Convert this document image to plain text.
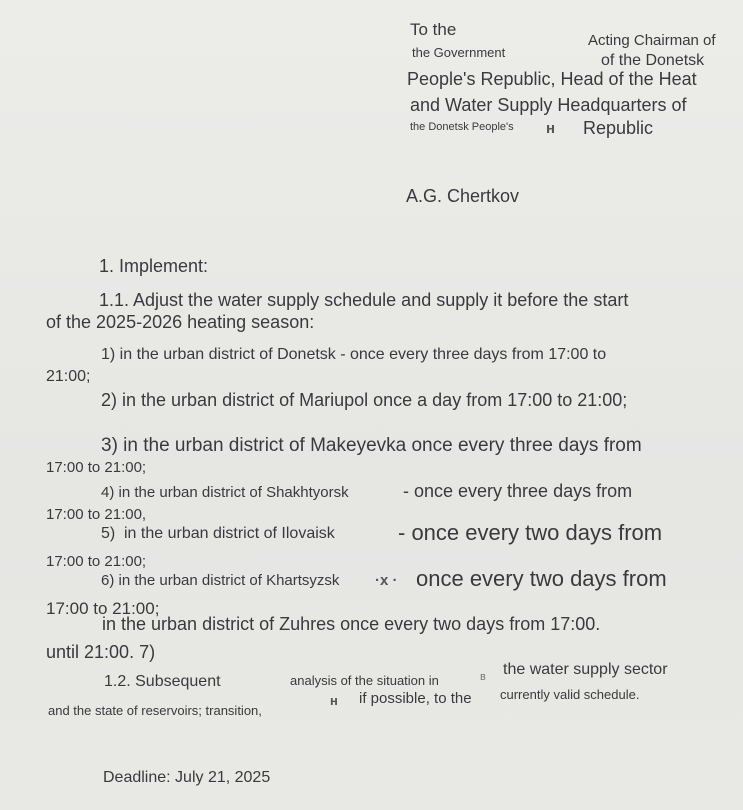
To the
Acting Chairman of
the Government	of the Donetsk
People's Republic, Head of the Heat
and Water Supply Headquarters of
the Donetsk People's н Republic
A.G. Chertkov
1. Implement:
1.1. Adjust the water supply schedule and supply it before the start
of the 2025-2026 heating season:
1) in the urban district of Donetsk - once every three days from 17:00 to
21:00;
2) in the urban district of Mariupol once a day from 17:00 to 21:00;
3) in the urban district of Makeyevka once every three days from
17:00 to 21:00;
4) in the urban district of Shakhtyorsk	- once every three days from
17:00 to 21:00,
5) in the urban district of Ilovaisk	- once every two days from
17:00 to 21:00;
6) in the urban district of Khartsyzsk ·x · once every two days from
17:00 to 21:00;
in the urban district of Zuhres once every two days from 17:00.
until 21:00. 7)
1.2. Subsequent	analysis of the situation in	в the water supply sector
and the state of reservoirs; transition,
н if possible, to the currently valid schedule.
Deadline: July 21, 2025
